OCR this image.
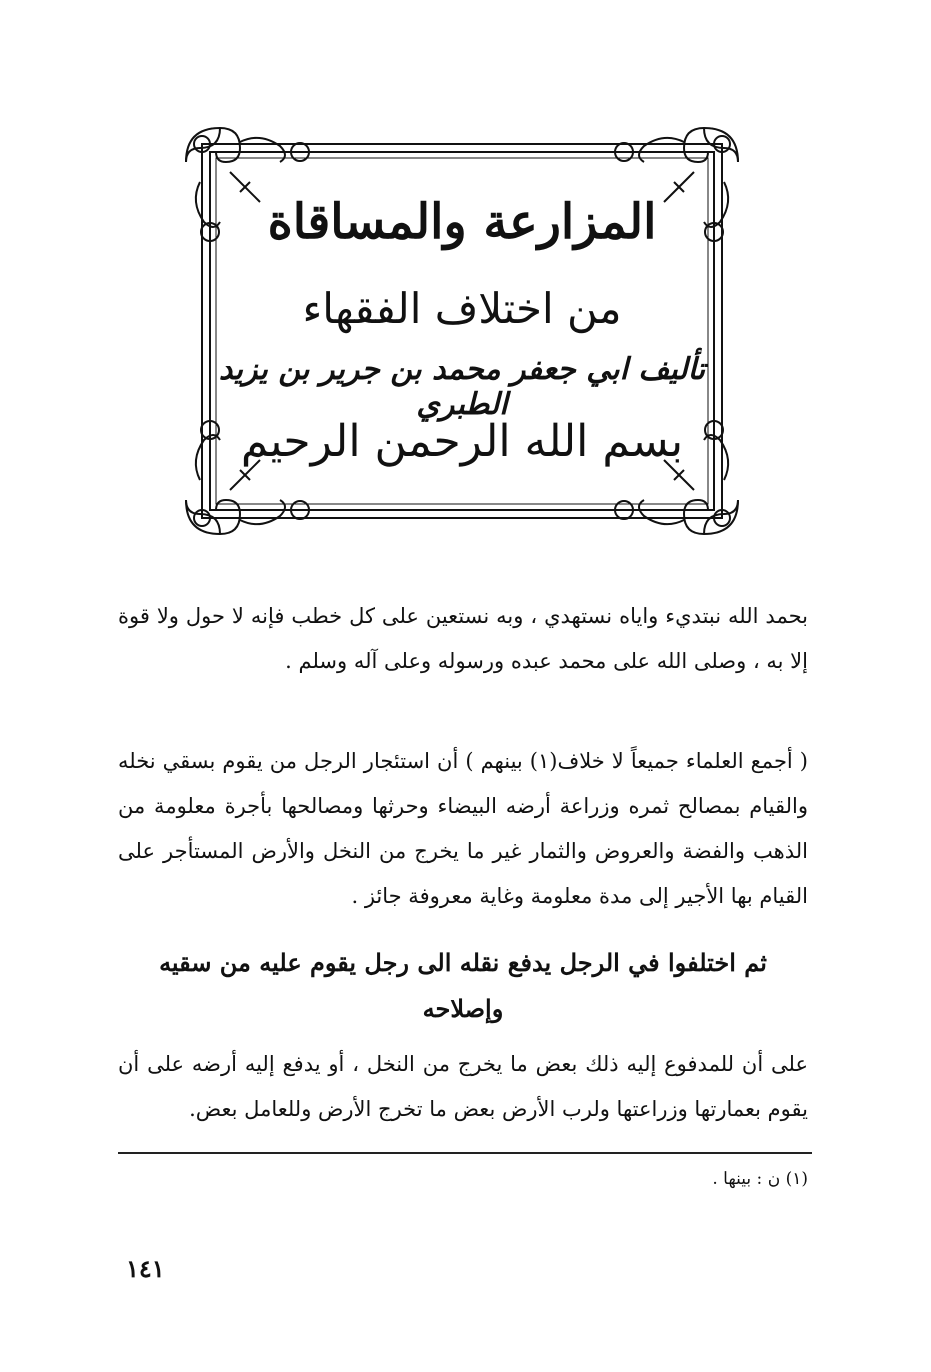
المزارعة والمساقاة
من اختلاف الفقهاء
تأليف ابي جعفر محمد بن جرير بن يزيد الطبري
بسم الله الرحمن الرحيم
بحمد الله نبتديء واياه نستهدي ، وبه نستعين على كل خطب فإنه لا حول ولا قوة إلا به ، وصلى الله على محمد عبده ورسوله وعلى آله وسلم .
( أجمع العلماء جميعاً لا خلاف(١) بينهم ) أن استئجار الرجل من يقوم بسقي نخله والقيام بمصالح ثمره وزراعة أرضه البيضاء وحرثها ومصالحها بأجرة معلومة من الذهب والفضة والعروض والثمار غير ما يخرج من النخل والأرض المستأجر على القيام بها الأجير إلى مدة معلومة وغاية معروفة جائز .
ثم اختلفوا في الرجل يدفع نقله الى رجل يقوم عليه من سقيه وإصلاحه
على أن للمدفوع إليه ذلك بعض ما يخرج من النخل ، أو يدفع إليه أرضه على أن يقوم بعمارتها وزراعتها ولرب الأرض بعض ما تخرج الأرض وللعامل بعض.
(١) ن : بينها .
١٤١
